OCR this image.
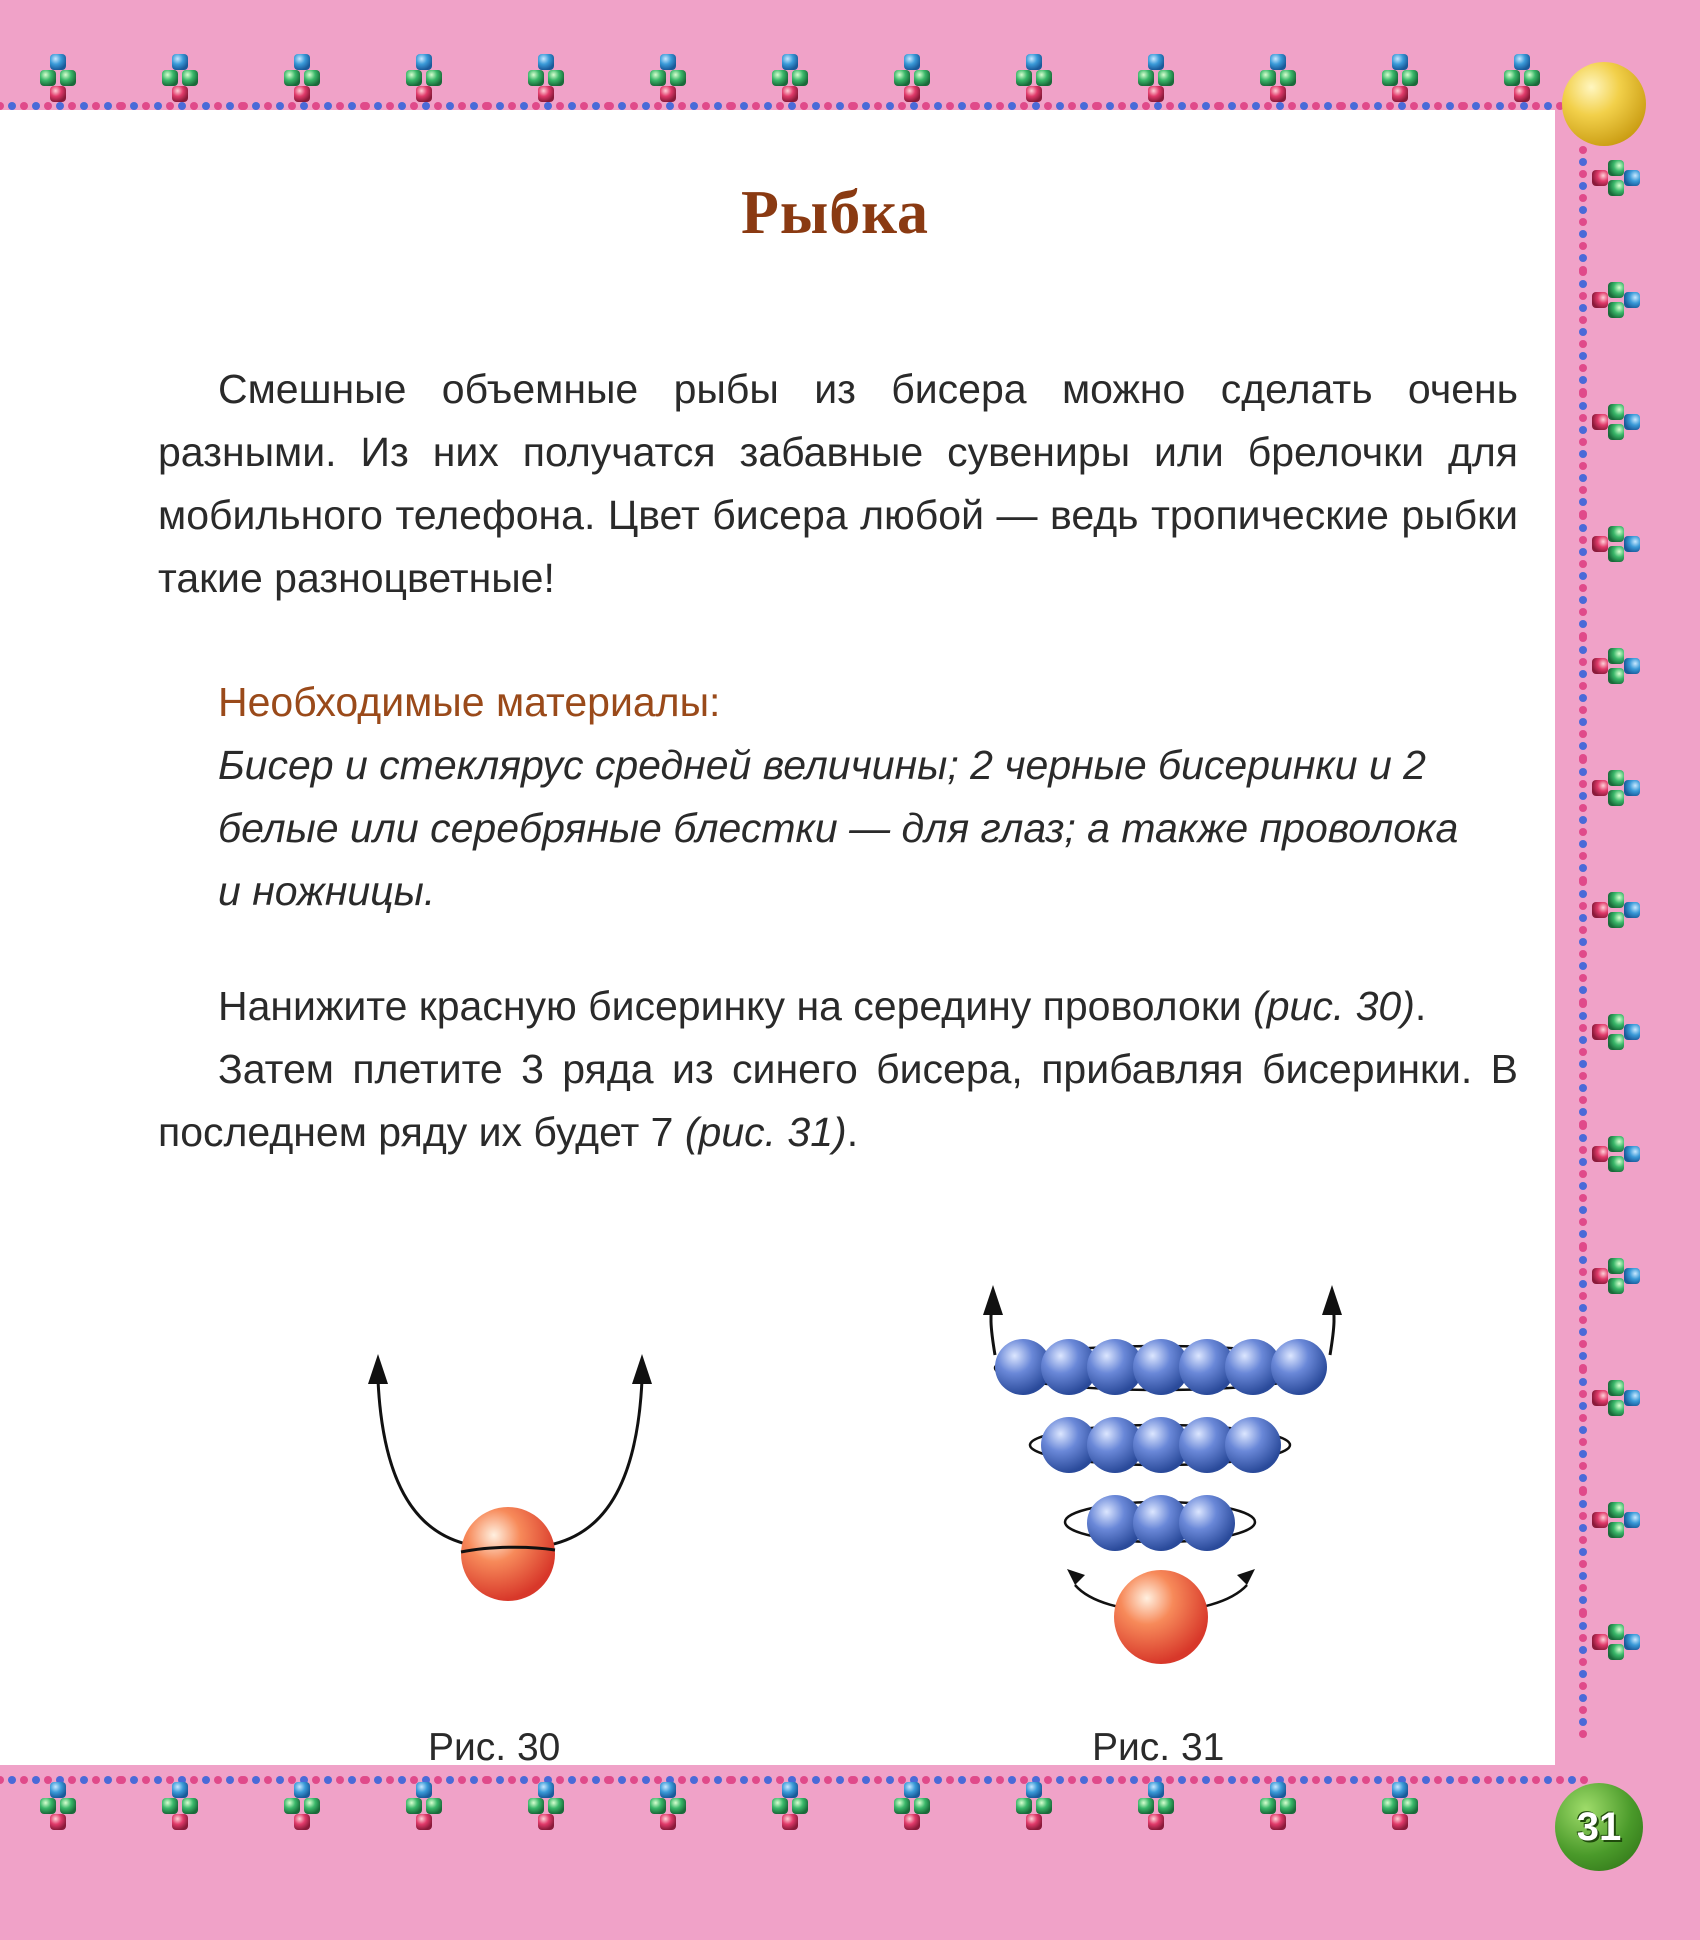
Рыбка

Смешные объемные рыбы из бисера можно сделать очень разными. Из них получатся забавные сувениры или брелочки для мобильного телефона. Цвет бисера любой — ведь тропические рыбки такие разноцветные!

Необходимые материалы:

Бисер и стеклярус средней величины; 2 черные бисеринки и 2 белые или серебряные блестки — для глаз; а также проволока и ножницы.

Нанижите красную бисеринку на середину проволоки (рис. 30).

Затем плетите 3 ряда из синего бисера, прибавляя бисеринки. В последнем ряду их будет 7 (рис. 31).

Рис. 30	Рис. 31
31
